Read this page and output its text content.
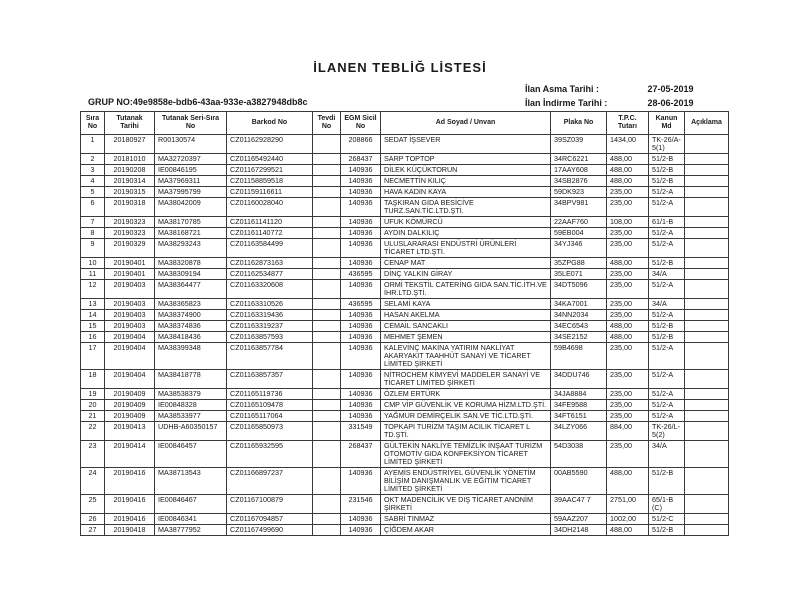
İLANEN TEBLİĞ LİSTESİ
İlan Asma Tarihi :	27-05-2019
İlan İndirme Tarihi :	28-06-2019
GRUP NO:49e9858e-bdb6-43aa-933e-a3827948db8c
Sıra No	Tutanak Tarihi	Tutanak Seri-Sıra No	Barkod No	Tevdi No	EGM Sicil No	Ad Soyad / Unvan	Plaka No	T.P.C. Tutarı	Kanun Md	Açıklama
1	20180927	R00130574	CZ01162928290		208866	SEDAT İŞSEVER	39SZ039	1434,00	TK-26/A-5(1)	
2	20181010	MA32720397	CZ01165492440		268437	SARP TOPTOP	34RC6221	488,00	51/2-B	
3	20190208	IE00846195	CZ01167299521		140936	DİLEK KÜÇÜKTORUN	17AAY608	488,00	51/2-B	
4	20190314	MA37969311	CZ01158859518		140936	NECMETTİN KILIÇ	34SB2876	488,00	51/2-B	
5	20190315	MA37995799	CZ01159116611		140936	HAVA KADIN KAYA	59DK923	235,00	51/2-A	
6	20190318	MA38042009	CZ01160028040		140936	TAŞKIRAN GIDA BESİCİVE TURZ.SAN.TİC.LTD.ŞTİ.	34BPV981	235,00	51/2-A	
7	20190323	MA38170785	CZ01161141120		140936	UFUK KÖMÜRCÜ	22AAF760	108,00	61/1-B	
8	20190323	MA38168721	CZ01161140772		140936	AYDIN DALKILIÇ	59EB004	235,00	51/2-A	
9	20190329	MA38293243	CZ01163584499		140936	ULUSLARARASI ENDÜSTRİ ÜRÜNLERİ TİCARET LTD.ŞTİ.	34YJ346	235,00	51/2-A	
10	20190401	MA38320878	CZ01162873163		140936	CENAP MAT	35ZPG88	488,00	51/2-B	
11	20190401	MA38309194	CZ01162534877		436595	DİNÇ YALKIN GİRAY	35LE071	235,00	34/A	
12	20190403	MA38364477	CZ01163320608		140936	ORMİ TEKSTİL CATERİNG GIDA SAN.TİC.İTH.VE İHR.LTD.ŞTİ.	34DT5096	235,00	51/2-A	
13	20190403	MA38365823	CZ01163310526		436595	SELAMİ KAYA	34KA7001	235,00	34/A	
14	20190403	MA38374900	CZ01163319436		140936	HASAN AKELMA	34NN2034	235,00	51/2-A	
15	20190403	MA38374836	CZ01163319237		140936	CEMAİL SANCAKLI	34EC6543	488,00	51/2-B	
16	20190404	MA38418436	CZ01163857593		140936	MEHMET ŞEMEN	34SE2152	488,00	51/2-B	
17	20190404	MA38399348	CZ01163857784		140936	KALEVİNÇ MAKİNA YATIRIM NAKLİYAT AKARYAKIT TAAHHÜT SANAYİ VE TİCARET LİMİTED ŞİRKETİ	59B4698	235,00	51/2-A	
18	20190404	MA38418778	CZ01163857357		140936	NİTROCHEM KİMYEVİ MADDELER SANAYİ VE TİCARET LİMİTED ŞİRKETİ	34DDU746	235,00	51/2-A	
19	20190409	MA38538379	CZ01165119736		140936	ÖZLEM ERTÜRK	34JA8884	235,00	51/2-A	
20	20190409	IE00848328	CZ01165109478		140936	CMP VİP GÜVENLİK VE KORUMA HİZM.LTD.ŞTİ.	34FE9588	235,00	51/2-A	
21	20190409	MA38533977	CZ01165117064		140936	YAĞMUR DEMİRÇELİK SAN.VE TİC.LTD.ŞTİ.	34FT6151	235,00	51/2-A	
22	20190413	UDHB-A60350157	CZ01165850973		331549	TOPKAPI TURİZM TAŞIM ACILIK TİCARET L TD.ŞTİ.	34LZY066	884,00	TK-26/L-5(2)	
23	20190414	IE00846457	CZ01165932595		268437	GÜLTEKİN NAKLİYE TEMİZLİK İNŞAAT TURİZM OTOMOTİV GIDA KONFEKSİYON TİCARET LİMİTED ŞİRKETİ	54D3038	235,00	34/A	
24	20190416	MA38713543	CZ01166897237		140936	AYEMİS ENDÜSTRİYEL GÜVENLİK YÖNETİM BİLİŞİM DANIŞMANLIK VE EĞİTİM TİCARET LİMİTED ŞİRKETİ	00AB5590	488,00	51/2-B	
25	20190416	IE00846467	CZ01167100879		231546	OKT MADENCİLİK VE DIŞ TİCARET ANONİM ŞİRKETİ	39AAC47 7	2751,00	65/1-B (C)	
26	20190416	IE00846341	CZ01167094857		140936	SABRİ TINMAZ	59AAZ207	1002,00	51/2-C	
27	20190418	MA38777952	CZ01167499690		140936	ÇİĞDEM AKAR	34DH2148	488,00	51/2-B	
